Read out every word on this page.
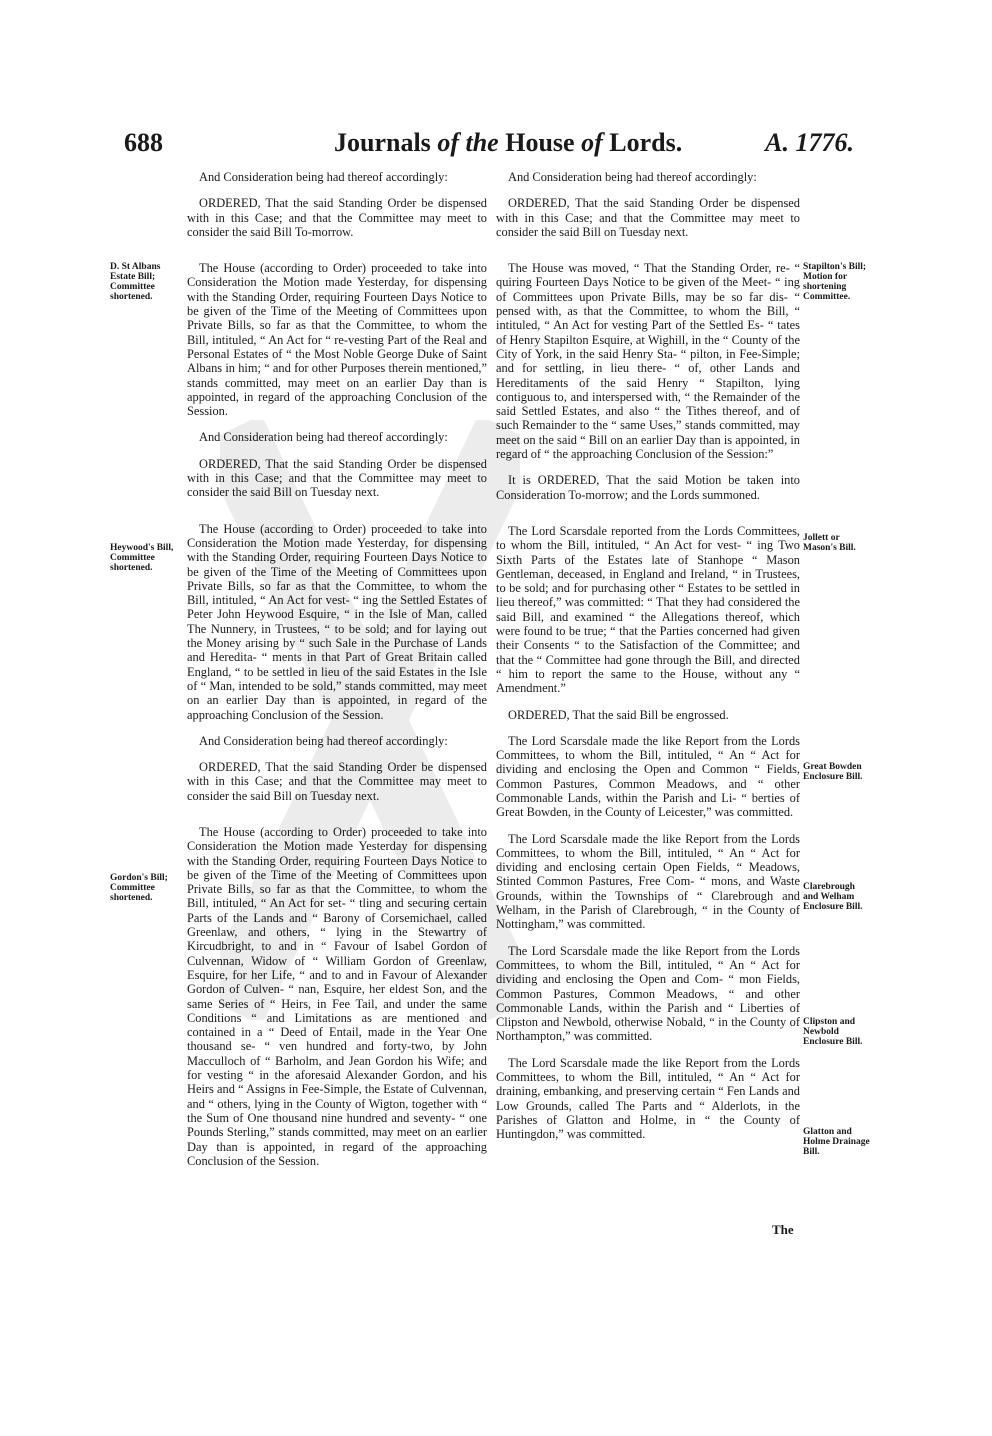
688	Journals of the House of Lords.	A. 1776.
D. St Albans Estate Bill; Committee shortened.
Heywood's Bill, Committee shortened.
Gordon's Bill; Committee shortened.
Stapilton's Bill; Motion for shortening Committee.
Jollett or Mason's Bill.
Great Bowden Enclosure Bill.
Clarebrough and Welham Enclosure Bill.
Clipston and Newbold Enclosure Bill.
Glatton and Holme Drainage Bill.

And Consideration being had thereof accordingly:

ORDERED, That the said Standing Order be dispensed with in this Case; and that the Committee may meet to consider the said Bill To-morrow.

The House (according to Order) proceeded to take into Consideration the Motion made Yesterday, for dispensing with the Standing Order, requiring Fourteen Days Notice to be given of the Time of the Meeting of Committees upon Private Bills, so far as that the Committee, to whom the Bill, intituled, “ An Act for “ re-vesting Part of the Real and Personal Estates of “ the Most Noble George Duke of Saint Albans in him; “ and for other Purposes therein mentioned,” stands committed, may meet on an earlier Day than is appointed, in regard of the approaching Conclusion of the Session.

And Consideration being had thereof accordingly:

ORDERED, That the said Standing Order be dispensed with in this Case; and that the Committee may meet to consider the said Bill on Tuesday next.

The House (according to Order) proceeded to take into Consideration the Motion made Yesterday, for dispensing with the Standing Order, requiring Fourteen Days Notice to be given of the Time of the Meeting of Committees upon Private Bills, so far as that the Committee, to whom the Bill, intituled, “ An Act for vest- “ ing the Settled Estates of Peter John Heywood Esquire, “ in the Isle of Man, called The Nunnery, in Trustees, “ to be sold; and for laying out the Money arising by “ such Sale in the Purchase of Lands and Heredita- “ ments in that Part of Great Britain called England, “ to be settled in lieu of the said Estates in the Isle of “ Man, intended to be sold,” stands committed, may meet on an earlier Day than is appointed, in regard of the approaching Conclusion of the Session.

And Consideration being had thereof accordingly:

ORDERED, That the said Standing Order be dispensed with in this Case; and that the Committee may meet to consider the said Bill on Tuesday next.

The House (according to Order) proceeded to take into Consideration the Motion made Yesterday for dispensing with the Standing Order, requiring Fourteen Days Notice to be given of the Time of the Meeting of Committees upon Private Bills, so far as that the Committee, to whom the Bill, intituled, “ An Act for set- “ tling and securing certain Parts of the Lands and “ Barony of Corsemichael, called Greenlaw, and others, “ lying in the Stewartry of Kircudbright, to and in “ Favour of Isabel Gordon of Culvennan, Widow of “ William Gordon of Greenlaw, Esquire, for her Life, “ and to and in Favour of Alexander Gordon of Culven- “ nan, Esquire, her eldest Son, and the same Series of “ Heirs, in Fee Tail, and under the same Conditions “ and Limitations as are mentioned and contained in a “ Deed of Entail, made in the Year One thousand se- “ ven hundred and forty-two, by John Macculloch of “ Barholm, and Jean Gordon his Wife; and for vesting “ in the aforesaid Alexander Gordon, and his Heirs and “ Assigns in Fee-Simple, the Estate of Culvennan, and “ others, lying in the County of Wigton, together with “ the Sum of One thousand nine hundred and seventy- “ one Pounds Sterling,” stands committed, may meet on an earlier Day than is appointed, in regard of the approaching Conclusion of the Session.

And Consideration being had thereof accordingly:

ORDERED, That the said Standing Order be dispensed with in this Case; and that the Committee may meet to consider the said Bill on Tuesday next.

The House was moved, “ That the Standing Order, re- “ quiring Fourteen Days Notice to be given of the Meet- “ ing of Committees upon Private Bills, may be so far dis- “ pensed with, as that the Committee, to whom the Bill, “ intituled, “ An Act for vesting Part of the Settled Es- “ tates of Henry Stapilton Esquire, at Wighill, in the “ County of the City of York, in the said Henry Sta- “ pilton, in Fee-Simple; and for settling, in lieu there- “ of, other Lands and Hereditaments of the said Henry “ Stapilton, lying contiguous to, and interspersed with, “ the Remainder of the said Settled Estates, and also “ the Tithes thereof, and of such Remainder to the “ same Uses,” stands committed, may meet on the said “ Bill on an earlier Day than is appointed, in regard of “ the approaching Conclusion of the Session:”

It is ORDERED, That the said Motion be taken into Consideration To-morrow; and the Lords summoned.

The Lord Scarsdale reported from the Lords Committees, to whom the Bill, intituled, “ An Act for vest- “ ing Two Sixth Parts of the Estates late of Stanhope “ Mason Gentleman, deceased, in England and Ireland, “ in Trustees, to be sold; and for purchasing other “ Estates to be settled in lieu thereof,” was committed: “ That they had considered the said Bill, and examined “ the Allegations thereof, which were found to be true; “ that the Parties concerned had given their Consents “ to the Satisfaction of the Committee; and that the “ Committee had gone through the Bill, and directed “ him to report the same to the House, without any “ Amendment.”

ORDERED, That the said Bill be engrossed.

The Lord Scarsdale made the like Report from the Lords Committees, to whom the Bill, intituled, “ An “ Act for dividing and enclosing the Open and Common “ Fields, Common Pastures, Common Meadows, and “ other Commonable Lands, within the Parish and Li- “ berties of Great Bowden, in the County of Leicester,” was committed.

The Lord Scarsdale made the like Report from the Lords Committees, to whom the Bill, intituled, “ An “ Act for dividing and enclosing certain Open Fields, “ Meadows, Stinted Common Pastures, Free Com- “ mons, and Waste Grounds, within the Townships of “ Clarebrough and Welham, in the Parish of Clarebrough, “ in the County of Nottingham,” was committed.

The Lord Scarsdale made the like Report from the Lords Committees, to whom the Bill, intituled, “ An “ Act for dividing and enclosing the Open and Com- “ mon Fields, Common Pastures, Common Meadows, “ and other Commonable Lands, within the Parish and “ Liberties of Clipston and Newbold, otherwise Nobald, “ in the County of Northampton,” was committed.

The Lord Scarsdale made the like Report from the Lords Committees, to whom the Bill, intituled, “ An “ Act for draining, embanking, and preserving certain “ Fen Lands and Low Grounds, called The Parts and “ Alderlots, in the Parishes of Glatton and Holme, in “ the County of Huntingdon,” was committed.

The
